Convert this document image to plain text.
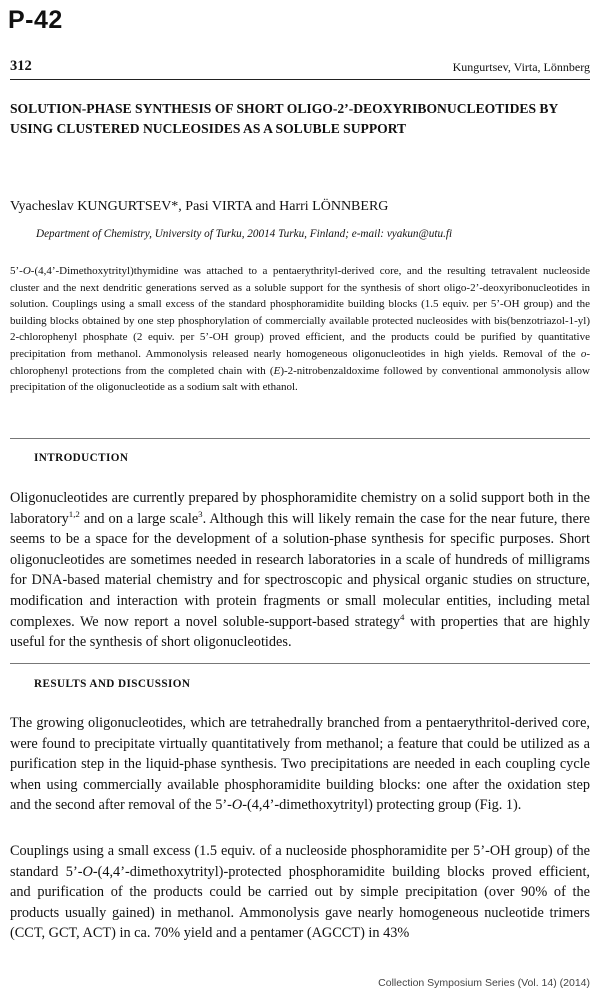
P-42
312	Kungurtsev, Virta, Lönnberg
SOLUTION-PHASE SYNTHESIS OF SHORT OLIGO-2’-DEOXYRIBONUCLEOTIDES BY USING CLUSTERED NUCLEOSIDES AS A SOLUBLE SUPPORT
Vyacheslav KUNGURTSEV*, Pasi VIRTA and Harri LÖNNBERG
Department of Chemistry, University of Turku, 20014 Turku, Finland; e-mail: vyakun@utu.fi

5’-O-(4,4’-Dimethoxytrityl)thymidine was attached to a pentaerythrityl-derived core, and the resulting tetravalent nucleoside cluster and the next dendritic generations served as a soluble support for the synthesis of short oligo-2’-deoxyribonucleotides in solution. Couplings using a small excess of the standard phosphoramidite building blocks (1.5 equiv. per 5’-OH group) and the building blocks obtained by one step phosphorylation of commercially available protected nucleosides with bis(benzotriazol-1-yl) 2-chlorophenyl phosphate (2 equiv. per 5’-OH group) proved efficient, and the products could be purified by quantitative precipitation from methanol. Ammonolysis released nearly homogeneous oligonucleotides in high yields. Removal of the o-chlorophenyl protections from the completed chain with (E)-2-nitrobenzaldoxime followed by conventional ammonolysis allow precipitation of the oligonucleotide as a sodium salt with ethanol.

INTRODUCTION

Oligonucleotides are currently prepared by phosphoramidite chemistry on a solid support both in the laboratory$^{1,2}$ and on a large scale$^3$. Although this will likely remain the case for the near future, there seems to be a space for the development of a solution-phase synthesis for specific purposes. Short oligonucleotides are sometimes needed in research laboratories in a scale of hundreds of milligrams for DNA-based material chemistry and for spectroscopic and physical organic studies on structure, modification and interaction with protein fragments or small molecular entities, including metal complexes. We now report a novel soluble-support-based strategy$^4$ with properties that are highly useful for the synthesis of short oligonucleotides.

RESULTS AND DISCUSSION

The growing oligonucleotides, which are tetrahedrally branched from a pentaerythritol-derived core, were found to precipitate virtually quantitatively from methanol; a feature that could be utilized as a purification step in the liquid-phase synthesis. Two precipitations are needed in each coupling cycle when using commercially available phosphoramidite building blocks: one after the oxidation step and the second after removal of the 5’-O-(4,4’-dimethoxytrityl) protecting group (Fig. 1).

Couplings using a small excess (1.5 equiv. of a nucleoside phosphoramidite per 5’-OH group) of the standard 5’-O-(4,4’-dimethoxytrityl)-protected phosphoramidite building blocks proved efficient, and purification of the products could be carried out by simple precipitation (over 90% of the products usually gained) in methanol. Ammonolysis gave nearly homogeneous nucleotide trimers (CCT, GCT, ACT) in ca. 70% yield and a pentamer (AGCCT) in 43%

Collection Symposium Series (Vol. 14) (2014)
